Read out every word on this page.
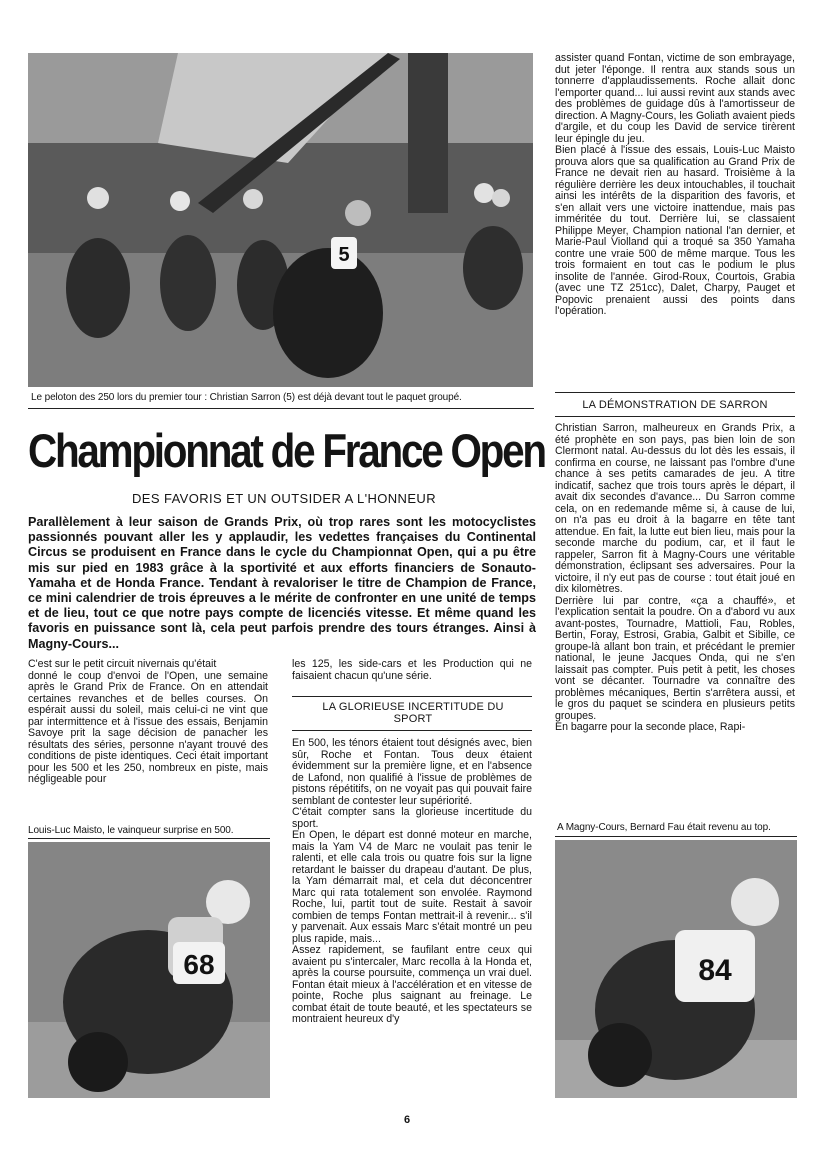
5
Le peloton des 250 lors du premier tour : Christian Sarron (5) est déjà devant tout le paquet groupé.
Championnat de France Open
DES FAVORIS ET UN OUTSIDER A L'HONNEUR
Parallèlement à leur saison de Grands Prix, où trop rares sont les motocyclistes passionnés pouvant aller les y applaudir, les vedettes françaises du Continental Circus se produisent en France dans le cycle du Championnat Open, qui a pu être mis sur pied en 1983 grâce à la sportivité et aux efforts financiers de Sonauto-Yamaha et de Honda France. Tendant à revaloriser le titre de Champion de France, ce mini calendrier de trois épreuves a le mérite de confronter en une unité de temps et de lieu, tout ce que notre pays compte de licenciés vitesse. Et même quand les favoris en puissance sont là, cela peut parfois prendre des tours étranges. Ainsi à Magny-Cours...

C'est sur le petit circuit nivernais qu'était
donné le coup d'envoi de l'Open, une semaine après le Grand Prix de France. On en attendait certaines revanches et de belles courses. On espérait aussi du soleil, mais celui-ci ne vint que par intermittence et à l'issue des essais, Benjamin Savoye prit la sage décision de panacher les résultats des séries, personne n'ayant trouvé des conditions de piste identiques. Ceci était important pour les 500 et les 250, nombreux en piste, mais négligeable pour

Louis-Luc Maisto, le vainqueur surprise en 500.
68

les 125, les side-cars et les Production qui ne faisaient chacun qu'une série.

LA GLORIEUSE INCERTITUDE DU SPORT

En 500, les ténors étaient tout désignés avec, bien sûr, Roche et Fontan. Tous deux étaient évidemment sur la première ligne, et en l'absence de Lafond, non qualifié à l'issue de problèmes de pistons répétitifs, on ne voyait pas qui pouvait faire semblant de contester leur supériorité.
C'était compter sans la glorieuse incertitude du sport.
En Open, le départ est donné moteur en marche, mais la Yam V4 de Marc ne voulait pas tenir le ralenti, et elle cala trois ou quatre fois sur la ligne retardant le baisser du drapeau d'autant. De plus, la Yam démarrait mal, et cela dut déconcentrer Marc qui rata totalement son envolée. Raymond Roche, lui, partit tout de suite. Restait à savoir combien de temps Fontan mettrait-il à revenir... s'il y parvenait. Aux essais Marc s'était montré un peu plus rapide, mais...
Assez rapidement, se faufilant entre ceux qui avaient pu s'intercaler, Marc recolla à la Honda et, après la course poursuite, commença un vrai duel. Fontan était mieux à l'accélération et en vitesse de pointe, Roche plus saignant au freinage. Le combat était de toute beauté, et les spectateurs se montraient heureux d'y

assister quand Fontan, victime de son embrayage, dut jeter l'éponge. Il rentra aux stands sous un tonnerre d'applaudissements. Roche allait donc l'emporter quand... lui aussi revint aux stands avec des problèmes de guidage dûs à l'amortisseur de direction. A Magny-Cours, les Goliath avaient pieds d'argile, et du coup les David de service tirèrent leur épingle du jeu.
Bien placé à l'issue des essais, Louis-Luc Maisto prouva alors que sa qualification au Grand Prix de France ne devait rien au hasard. Troisième à la régulière derrière les deux intouchables, il touchait ainsi les intérêts de la disparition des favoris, et s'en allait vers une victoire inattendue, mais pas imméritée du tout. Derrière lui, se classaient Philippe Meyer, Champion national l'an dernier, et Marie-Paul Violland qui a troqué sa 350 Yamaha contre une vraie 500 de même marque. Tous les trois formaient en tout cas le podium le plus insolite de l'année. Girod-Roux, Courtois, Grabia (avec une TZ 251cc), Dalet, Charpy, Pauget et Popovic prenaient aussi des points dans l'opération.

LA DÉMONSTRATION DE SARRON

Christian Sarron, malheureux en Grands Prix, a été prophète en son pays, pas bien loin de son Clermont natal. Au-dessus du lot dès les essais, il confirma en course, ne laissant pas l'ombre d'une chance à ses petits camarades de jeu. A titre indicatif, sachez que trois tours après le départ, il avait dix secondes d'avance... Du Sarron comme cela, on en redemande même si, à cause de lui, on n'a pas eu droit à la bagarre en tête tant attendue. En fait, la lutte eut bien lieu, mais pour la seconde marche du podium, car, et il faut le rappeler, Sarron fit à Magny-Cours une véritable démonstration, éclipsant ses adversaires. Pour la victoire, il n'y eut pas de course : tout était joué en dix kilomètres.
Derrière lui par contre, «ça a chauffé», et l'explication sentait la poudre. On a d'abord vu aux avant-postes, Tournadre, Mattioli, Fau, Robles, Bertin, Foray, Estrosi, Grabia, Galbit et Sibille, ce groupe-là allant bon train, et précédant le premier national, le jeune Jacques Onda, qui ne s'en laissait pas compter. Puis petit à petit, les choses vont se décanter. Tournadre va connaître des problèmes mécaniques, Bertin s'arrêtera aussi, et le gros du paquet se scindera en plusieurs petits groupes.
En bagarre pour la seconde place, Rapi-

A Magny-Cours, Bernard Fau était revenu au top.
84
6
